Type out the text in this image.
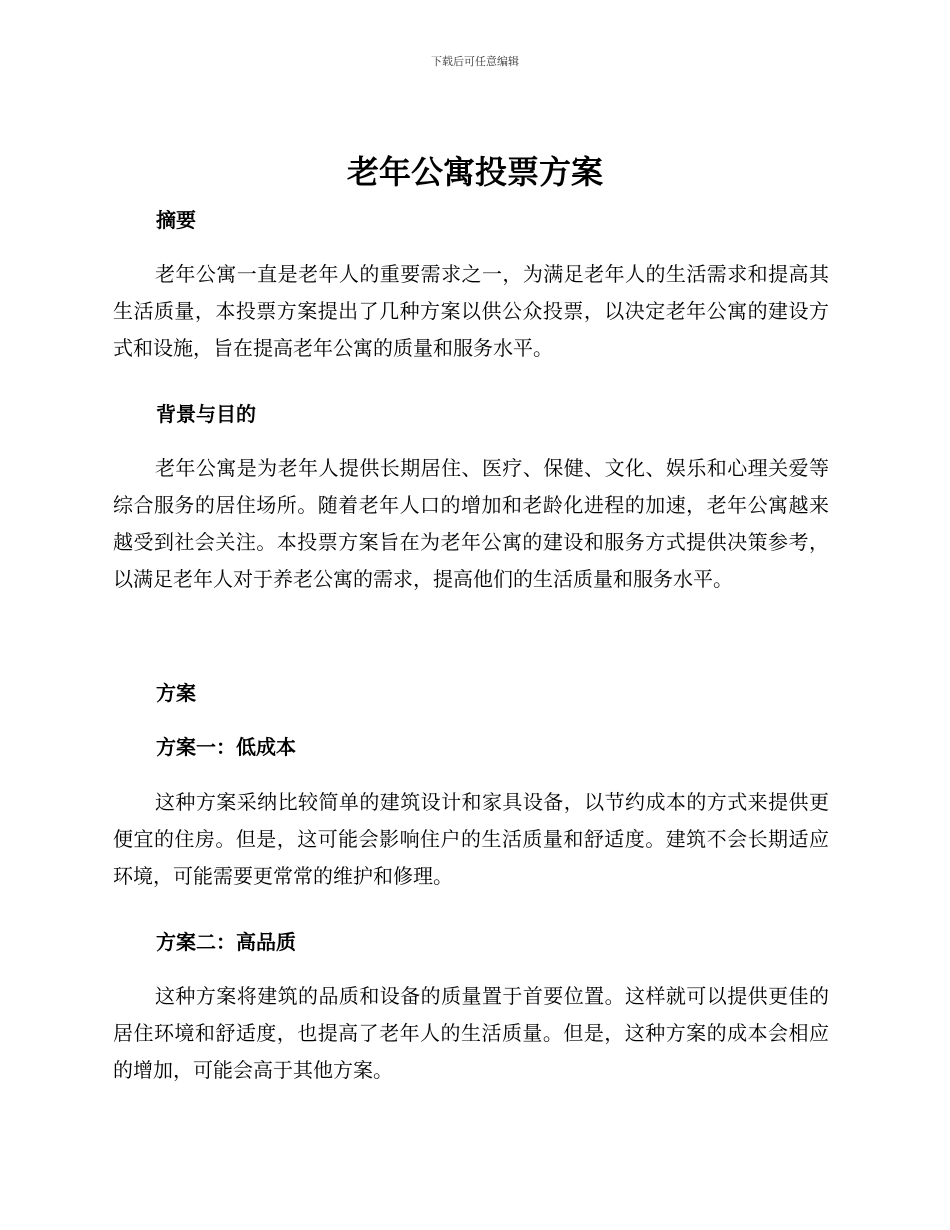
下载后可任意编辑
老年公寓投票方案
摘要

老年公寓一直是老年人的重要需求之一，为满足老年人的生活需求和提高其生活质量，本投票方案提出了几种方案以供公众投票，以决定老年公寓的建设方式和设施，旨在提高老年公寓的质量和服务水平。

背景与目的

老年公寓是为老年人提供长期居住、医疗、保健、文化、娱乐和心理关爱等综合服务的居住场所。随着老年人口的增加和老龄化进程的加速，老年公寓越来越受到社会关注。本投票方案旨在为老年公寓的建设和服务方式提供决策参考，以满足老年人对于养老公寓的需求，提高他们的生活质量和服务水平。

方案
方案一：低成本

这种方案采纳比较简单的建筑设计和家具设备，以节约成本的方式来提供更便宜的住房。但是，这可能会影响住户的生活质量和舒适度。建筑不会长期适应环境，可能需要更常常的维护和修理。

方案二：高品质

这种方案将建筑的品质和设备的质量置于首要位置。这样就可以提供更佳的居住环境和舒适度，也提高了老年人的生活质量。但是，这种方案的成本会相应的增加，可能会高于其他方案。
